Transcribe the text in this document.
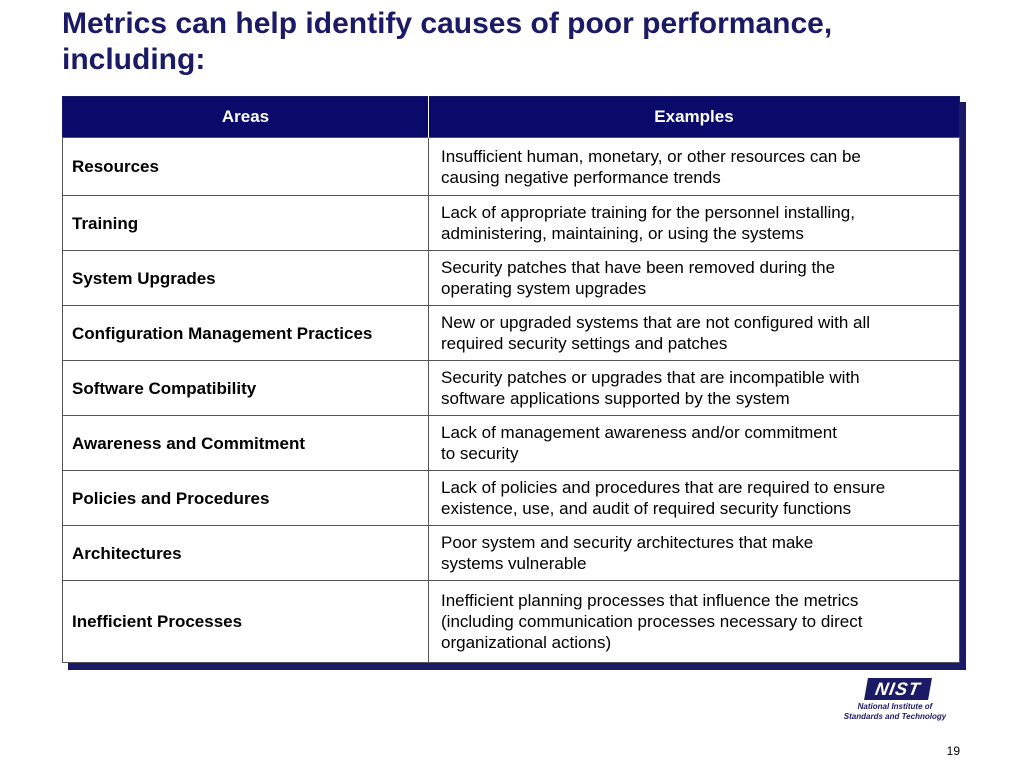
Metrics can help identify causes of poor performance, including:
Areas	Examples
Resources	Insufficient human, monetary, or other resources can be
causing negative performance trends
Training	Lack of appropriate training for the personnel installing,
administering, maintaining, or using the systems
System Upgrades	Security patches that have been removed during the
operating system upgrades
Configuration Management Practices	New or upgraded systems that are not configured with all
required security settings and patches
Software Compatibility	Security patches or upgrades that are incompatible with
software applications supported by the system
Awareness and Commitment	Lack of management awareness and/or commitment
to security
Policies and Procedures	Lack of policies and procedures that are required to ensure
existence, use, and audit of required security functions
Architectures	Poor system and security architectures that make
systems vulnerable
Inefficient Processes	Inefficient planning processes that influence the metrics
(including communication processes necessary to direct
organizational actions)
NIST
National Institute of
Standards and Technology
19
